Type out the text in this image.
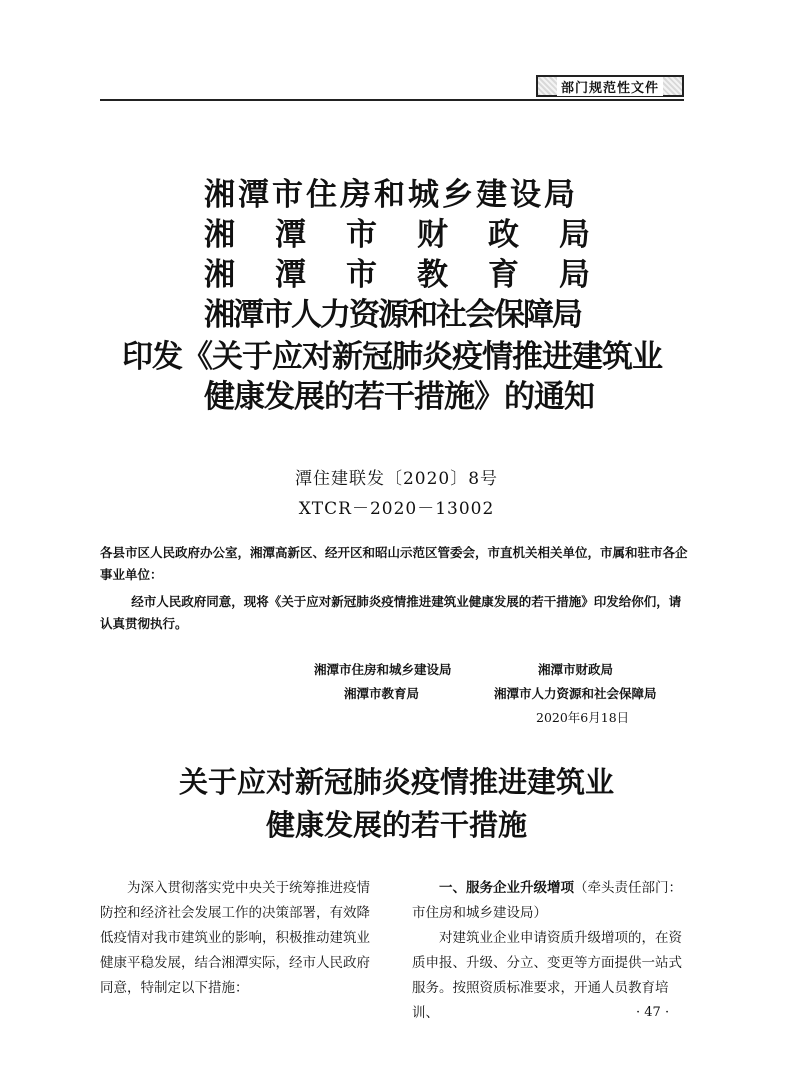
部门规范性文件
湘潭市住房和城乡建设局
湘 潭 市 财 政 局
湘 潭 市 教 育 局
湘潭市人力资源和社会保障局
印发《关于应对新冠肺炎疫情推进建筑业
健康发展的若干措施》的通知
潭住建联发〔2020〕8号
XTCR－2020－13002
各县市区人民政府办公室，湘潭高新区、经开区和昭山示范区管委会，市直机关相关单位，市属和驻市各企事业单位：
经市人民政府同意，现将《关于应对新冠肺炎疫情推进建筑业健康发展的若干措施》印发给你们，请认真贯彻执行。
湘潭市住房和城乡建设局	湘潭市财政局
湘潭市教育局	湘潭市人力资源和社会保障局
2020年6月18日
关于应对新冠肺炎疫情推进建筑业
健康发展的若干措施

为深入贯彻落实党中央关于统筹推进疫情防控和经济社会发展工作的决策部署，有效降低疫情对我市建筑业的影响，积极推动建筑业健康平稳发展，结合湘潭实际，经市人民政府同意，特制定以下措施：

一、服务企业升级增项（牵头责任部门：市住房和城乡建设局）

对建筑业企业申请资质升级增项的，在资质申报、升级、分立、变更等方面提供一站式服务。按照资质标准要求，开通人员教育培训、	· 47 ·
